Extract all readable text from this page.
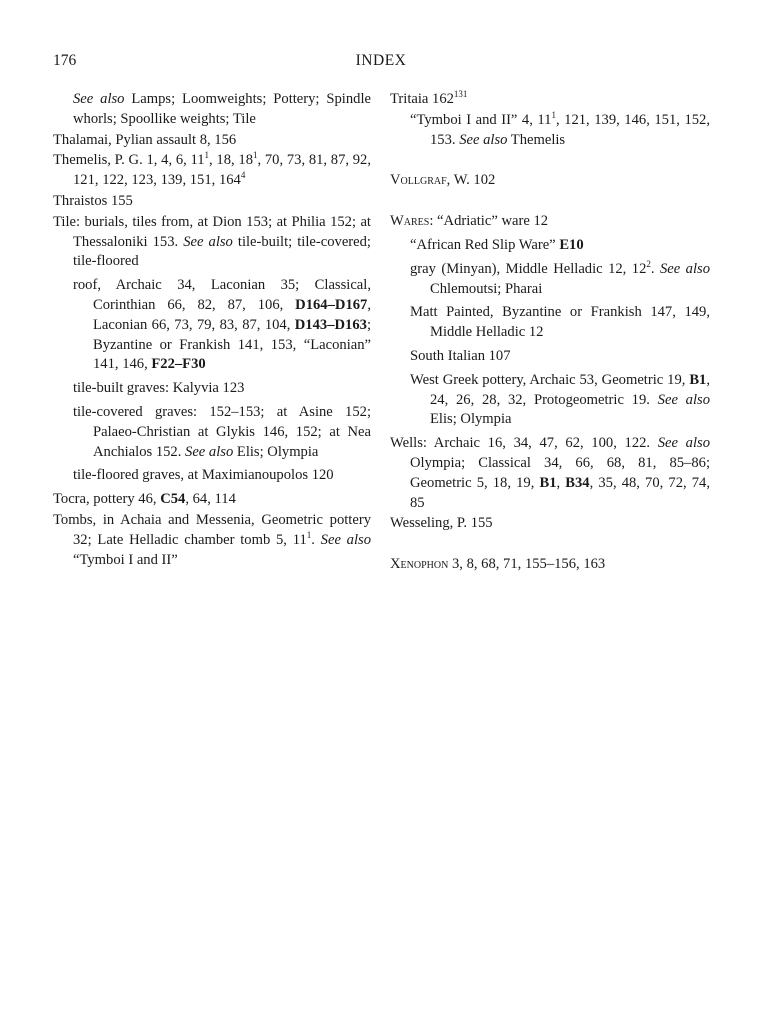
176	INDEX

See also Lamps; Loomweights; Pottery; Spindle whorls; Spoollike weights; Tile

Thalamai, Pylian assault 8, 156

Themelis, P. G. 1, 4, 6, $11^1$, 18, $18^1$, 70, 73, 81, 87, 92, 121, 122, 123, 139, 151, $164^4$

Thraistos 155

Tile: burials, tiles from, at Dion 153; at Philia 152; at Thessaloniki 153. See also tile-built; tile-covered; tile-floored

roof, Archaic 34, Laconian 35; Classical, Corinthian 66, 82, 87, 106, D164–D167, Laconian 66, 73, 79, 83, 87, 104, D143–D163; Byzantine or Frankish 141, 153, “Laconian” 141, 146, F22–F30

tile-built graves: Kalyvia 123

tile-covered graves: 152–153; at Asine 152; Palaeo-Christian at Glykis 146, 152; at Nea Anchialos 152. See also Elis; Olympia

tile-floored graves, at Maximianoupolos 120

Tocra, pottery 46, C54, 64, 114

Tombs, in Achaia and Messenia, Geometric pottery 32; Late Helladic chamber tomb 5, $11^1$. See also “Tymboi I and II”

Tritaia $162^{131}$

“Tymboi I and II” 4, $11^1$, 121, 139, 146, 151, 152, 153. See also Themelis

Vollgraf, W. 102

Wares: “Adriatic” ware 12

“African Red Slip Ware” E10

gray (Minyan), Middle Helladic 12, $12^2$. See also Chlemoutsi; Pharai

Matt Painted, Byzantine or Frankish 147, 149, Middle Helladic 12

South Italian 107

West Greek pottery, Archaic 53, Geometric 19, B1, 24, 26, 28, 32, Protogeometric 19. See also Elis; Olympia

Wells: Archaic 16, 34, 47, 62, 100, 122. See also Olympia; Classical 34, 66, 68, 81, 85–86; Geometric 5, 18, 19, B1, B34, 35, 48, 70, 72, 74, 85

Wesseling, P. 155

Xenophon 3, 8, 68, 71, 155–156, 163
